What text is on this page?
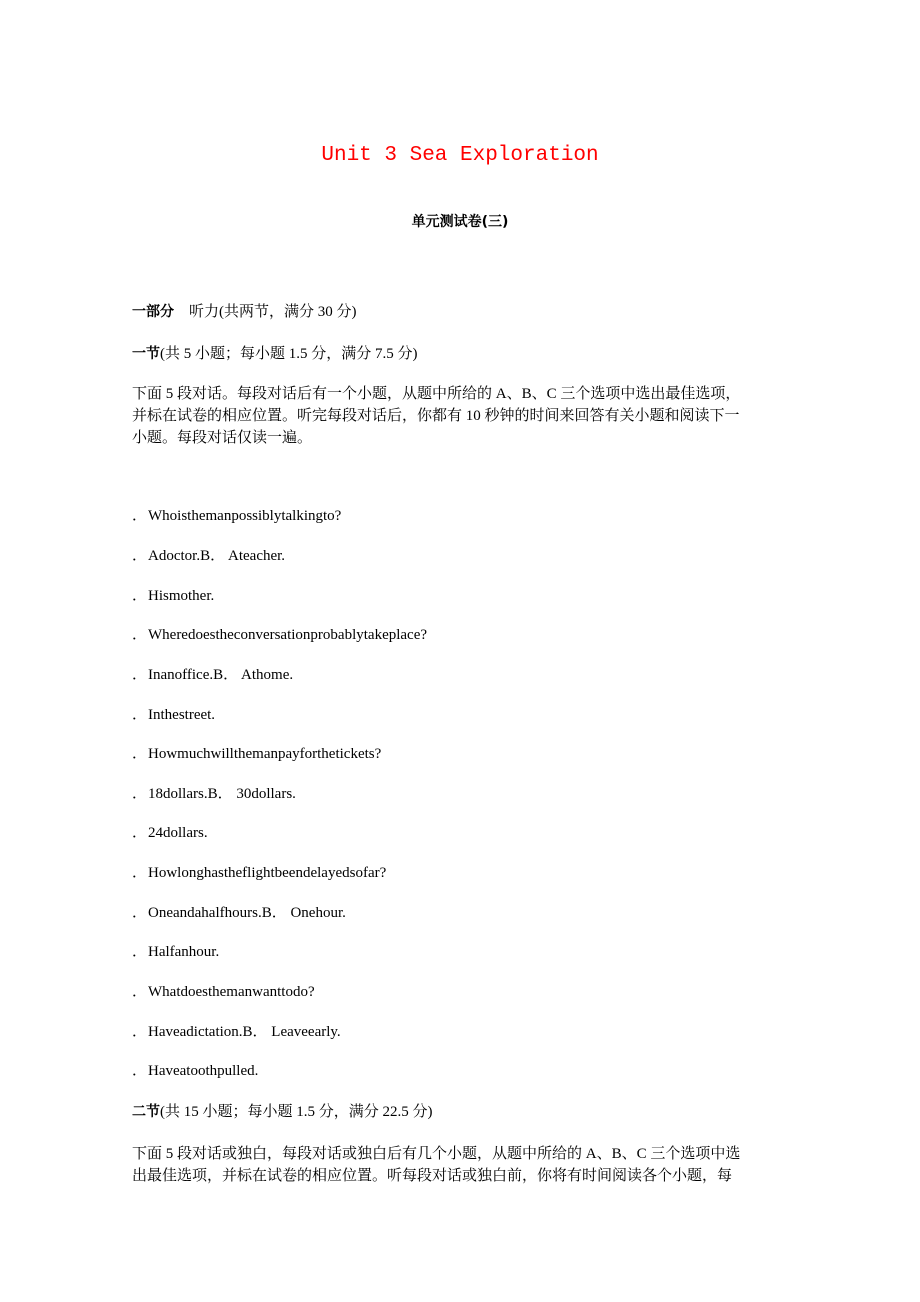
Unit 3 Sea Exploration
单元测试卷(三)
一部分　听力(共两节，满分 30 分)
一节(共 5 小题；每小题 1.5 分，满分 7.5 分)
下面 5 段对话。每段对话后有一个小题，从题中所给的 A、B、C 三个选项中选出最佳选项，
并标在试卷的相应位置。听完每段对话后，你都有 10 秒钟的时间来回答有关小题和阅读下一
小题。每段对话仅读一遍。
．Whoisthemanpossiblytalkingto?
．Adoctor.B． Ateacher.
．Hismother.
．Wheredoestheconversationprobablytakeplace?
．Inanoffice.B． Athome.
．Inthestreet.
．Howmuchwillthemanpayforthetickets?
．18dollars.B． 30dollars.
．24dollars.
．Howlonghastheflightbeendelayedsofar?
．Oneandahalfhours.B． Onehour.
．Halfanhour.
．Whatdoesthemanwanttodo?
．Haveadictation.B． Leaveearly.
．Haveatoothpulled.
二节(共 15 小题；每小题 1.5 分，满分 22.5 分)
下面 5 段对话或独白，每段对话或独白后有几个小题，从题中所给的 A、B、C 三个选项中选
出最佳选项，并标在试卷的相应位置。听每段对话或独白前，你将有时间阅读各个小题，每
